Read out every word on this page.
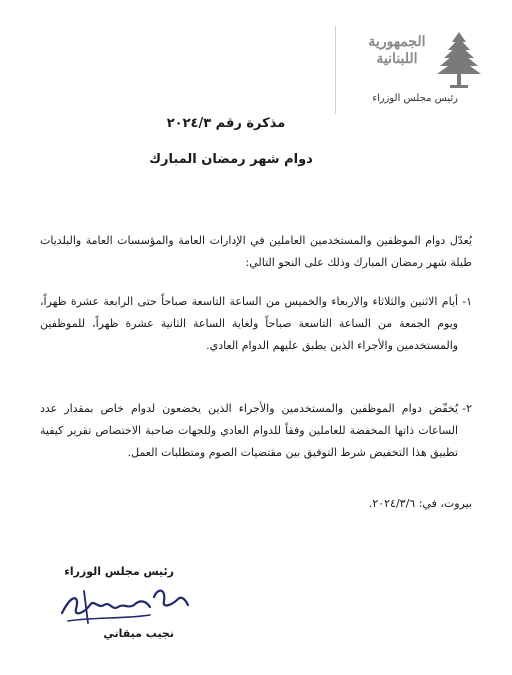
الجمهورية
اللبنانية
رئيس مجلس الوزراء
مذكرة رقم ٢٠٢٤/٣
دوام شهر رمضان المبارك
يُعدّل دوام الموظفين والمستخدمين العاملين في الإدارات العامة والمؤسسات العامة والبلديات طيلة شهر رمضان المبارك وذلك على النحو التالي:
١-
أيام الاثنين والثلاثاء والاربعاء والخميس من الساعة التاسعة صباحاً حتى الرابعة عشرة ظهراً، ويوم الجمعة من الساعة التاسعة صباحاً ولغاية الساعة الثانية عشرة ظهراً، للموظفين والمستخدمين والأجراء الذين يطبق عليهم الدوام العادي.
٢-
يُخفّض دوام الموظفين والمستخدمين والأجراء الذين يخضعون لدوام خاص بمقدار عدد الساعات ذاتها المخفضة للعاملين وفقاً للدوام العادي وللجهات صاحبة الاختصاص تقرير كيفية تطبيق هذا التخفيض شرط التوفيق بين مقتضيات الصوم ومتطلبات العمل.
بيروت، في: ٢٠٢٤/٣/٦.
رئيس مجلس الوزراء
نجيب ميقاتي
